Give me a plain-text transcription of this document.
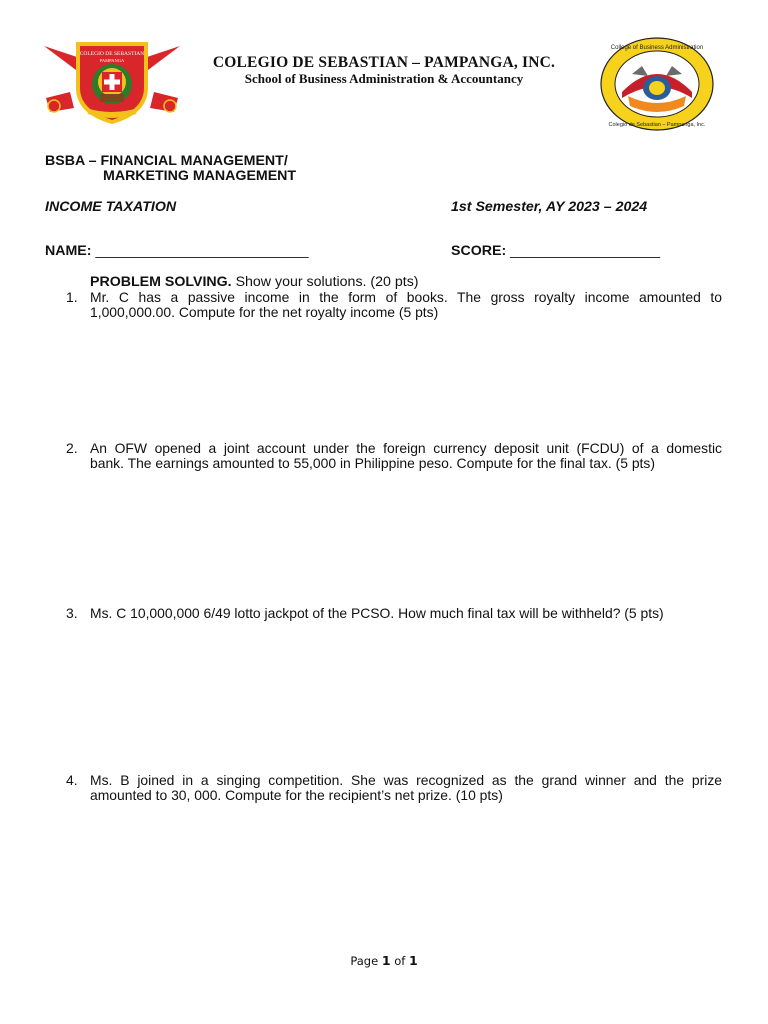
COLEGIO DE SEBASTIAN
PAMPANGA	COLEGIO DE SEBASTIAN – PAMPANGA, INC.
School of Business Administration & Accountancy
College of Business Administration
Colegio de Sebastian – Pampanga, Inc.
BSBA – FINANCIAL MANAGEMENT/
MARKETING MANAGEMENT
INCOME TAXATION	1st Semester, AY 2023 – 2024
NAME: ___________________________	SCORE: ___________________
PROBLEM SOLVING. Show your solutions. (20 pts)
1. Mr. C has a passive income in the form of books. The gross royalty income amounted to
1,000,000.00. Compute for the net royalty income (5 pts)
2. An OFW opened a joint account under the foreign currency deposit unit (FCDU) of a domestic
bank. The earnings amounted to 55,000 in Philippine peso. Compute for the final tax. (5 pts)
3. Ms. C 10,000,000 6/49 lotto jackpot of the PCSO. How much final tax will be withheld? (5 pts)
4. Ms. B joined in a singing competition. She was recognized as the grand winner and the prize
amounted to 30, 000. Compute for the recipient’s net prize. (10 pts)
Page 1 of 1
